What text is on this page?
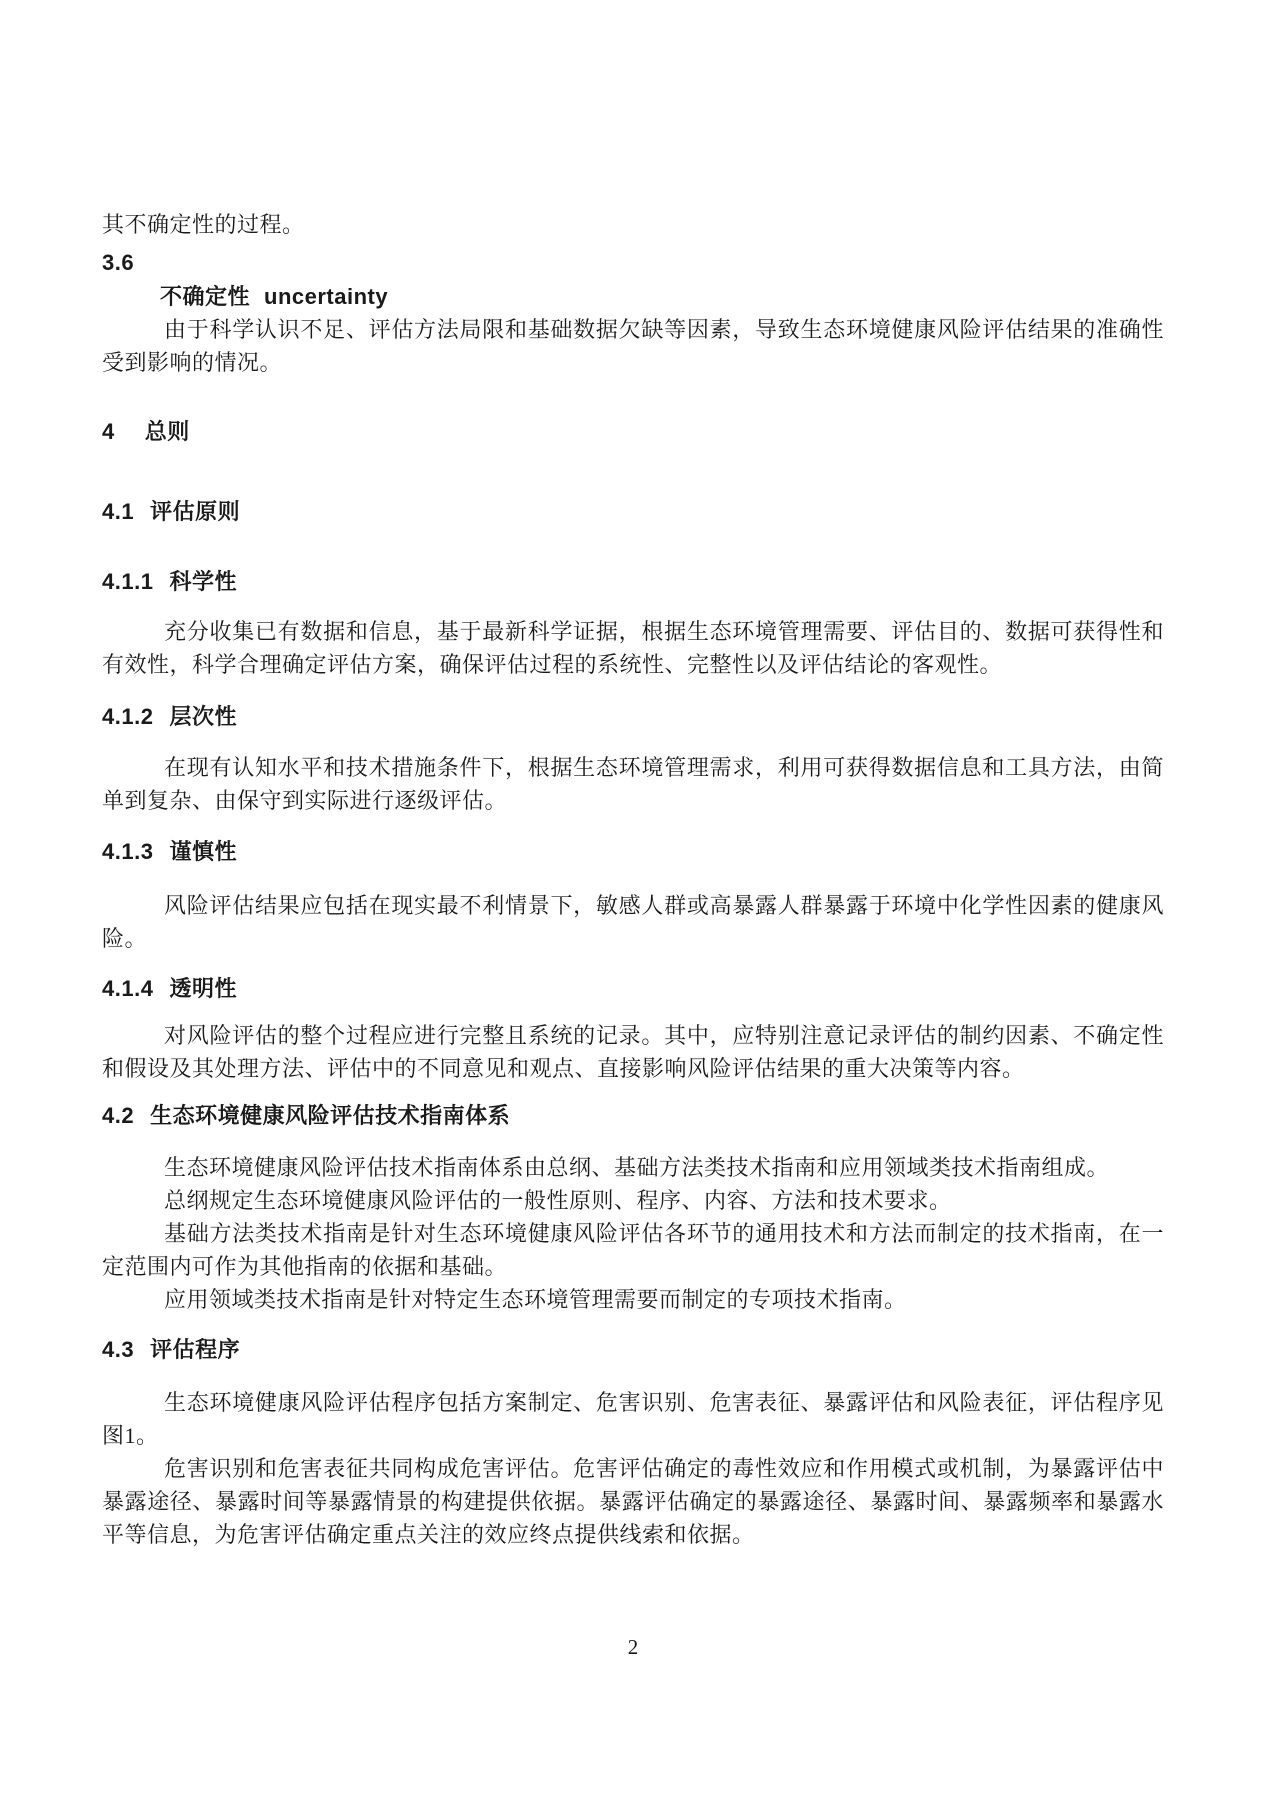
其不确定性的过程。

3.6
不确定性 uncertainty

由于科学认识不足、评估方法局限和基础数据欠缺等因素，导致生态环境健康风险评估结果的准确性受到影响的情况。

4 总则
4.1 评估原则
4.1.1 科学性

充分收集已有数据和信息，基于最新科学证据，根据生态环境管理需要、评估目的、数据可获得性和有效性，科学合理确定评估方案，确保评估过程的系统性、完整性以及评估结论的客观性。

4.1.2 层次性

在现有认知水平和技术措施条件下，根据生态环境管理需求，利用可获得数据信息和工具方法，由简单到复杂、由保守到实际进行逐级评估。

4.1.3 谨慎性

风险评估结果应包括在现实最不利情景下，敏感人群或高暴露人群暴露于环境中化学性因素的健康风险。

4.1.4 透明性

对风险评估的整个过程应进行完整且系统的记录。其中，应特别注意记录评估的制约因素、不确定性和假设及其处理方法、评估中的不同意见和观点、直接影响风险评估结果的重大决策等内容。

4.2 生态环境健康风险评估技术指南体系

生态环境健康风险评估技术指南体系由总纲、基础方法类技术指南和应用领域类技术指南组成。

总纲规定生态环境健康风险评估的一般性原则、程序、内容、方法和技术要求。

基础方法类技术指南是针对生态环境健康风险评估各环节的通用技术和方法而制定的技术指南，在一定范围内可作为其他指南的依据和基础。

应用领域类技术指南是针对特定生态环境管理需要而制定的专项技术指南。

4.3 评估程序

生态环境健康风险评估程序包括方案制定、危害识别、危害表征、暴露评估和风险表征，评估程序见图1。

危害识别和危害表征共同构成危害评估。危害评估确定的毒性效应和作用模式或机制，为暴露评估中暴露途径、暴露时间等暴露情景的构建提供依据。暴露评估确定的暴露途径、暴露时间、暴露频率和暴露水平等信息，为危害评估确定重点关注的效应终点提供线索和依据。

2
